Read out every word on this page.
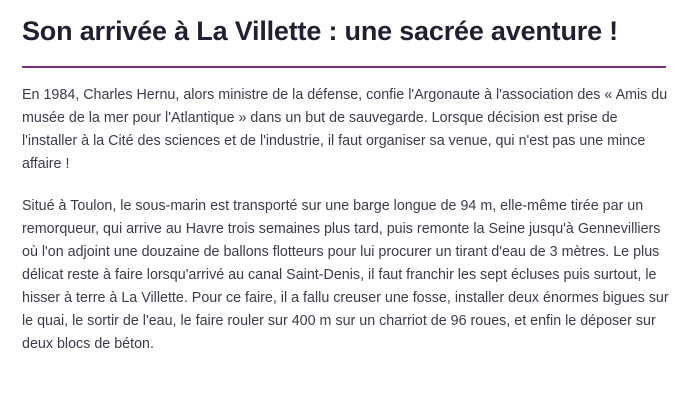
Son arrivée à La Villette : une sacrée aventure !

En 1984, Charles Hernu, alors ministre de la défense, confie l'Argonaute à l'association des « Amis du musée de la mer pour l'Atlantique » dans un but de sauvegarde. Lorsque décision est prise de l'installer à la Cité des sciences et de l'industrie, il faut organiser sa venue, qui n'est pas une mince affaire !

Situé à Toulon, le sous-marin est transporté sur une barge longue de 94 m, elle-même tirée par un remorqueur, qui arrive au Havre trois semaines plus tard, puis remonte la Seine jusqu'à Gennevilliers où l'on adjoint une douzaine de ballons flotteurs pour lui procurer un tirant d'eau de 3 mètres. Le plus délicat reste à faire lorsqu'arrivé au canal Saint-Denis, il faut franchir les sept écluses puis surtout, le hisser à terre à La Villette. Pour ce faire, il a fallu creuser une fosse, installer deux énormes bigues sur le quai, le sortir de l'eau, le faire rouler sur 400 m sur un charriot de 96 roues, et enfin le déposer sur deux blocs de béton.
